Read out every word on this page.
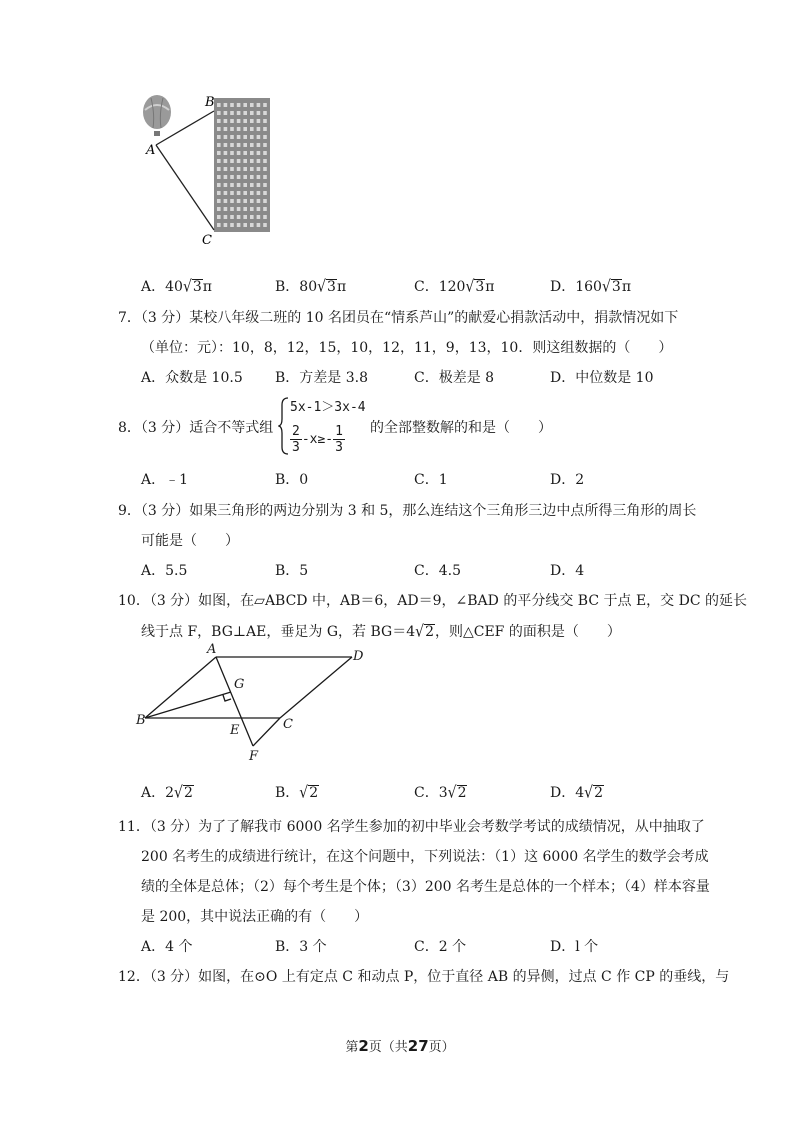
B
A
C
A．40√3π	B．80√3π	C．120√3π	D．160√3π
7．（3 分）某校八年级二班的 10 名团员在“情系芦山”的献爱心捐款活动中，捐款情况如下
（单位：元）：10，8，12，15，10，12，11，9，13，10．则这组数据的（　　）
A．众数是 10.5 B．方差是 3.8	C．极差是 8	D．中位数是 10
8．（3 分）适合不等式组
5x-1＞3x-4
$\frac{2}{3} -x\ge- \frac{1}{3}$ 的全部整数解的和是（　　）
A．﹣1	B．0	C．1	D．2
9．（3 分）如果三角形的两边分别为 3 和 5，那么连结这个三角形三边中点所得三角形的周长
可能是（　　）
A．5.5	B．5	C．4.5	D．4
10．（3 分）如图，在▱ABCD 中，AB＝6，AD＝9，∠BAD 的平分线交 BC 于点 E，交 DC 的延长
线于点 F，BG⊥AE，垂足为 G，若 BG＝4√2，则△CEF 的面积是（　　）
A	D
G
B
E	C
F
A．2√2	B．√2	C．3√2	D．4√2
11．（3 分）为了了解我市 6000 名学生参加的初中毕业会考数学考试的成绩情况，从中抽取了
200 名考生的成绩进行统计，在这个问题中，下列说法：（1）这 6000 名学生的数学会考成
绩的全体是总体；（2）每个考生是个体；（3）200 名考生是总体的一个样本；（4）样本容量
是 200，其中说法正确的有（　　）
A．4 个	B．3 个	C．2 个	D．l 个
12．（3 分）如图，在⊙O 上有定点 C 和动点 P，位于直径 AB 的异侧，过点 C 作 CP 的垂线，与
第2页（共27页）
